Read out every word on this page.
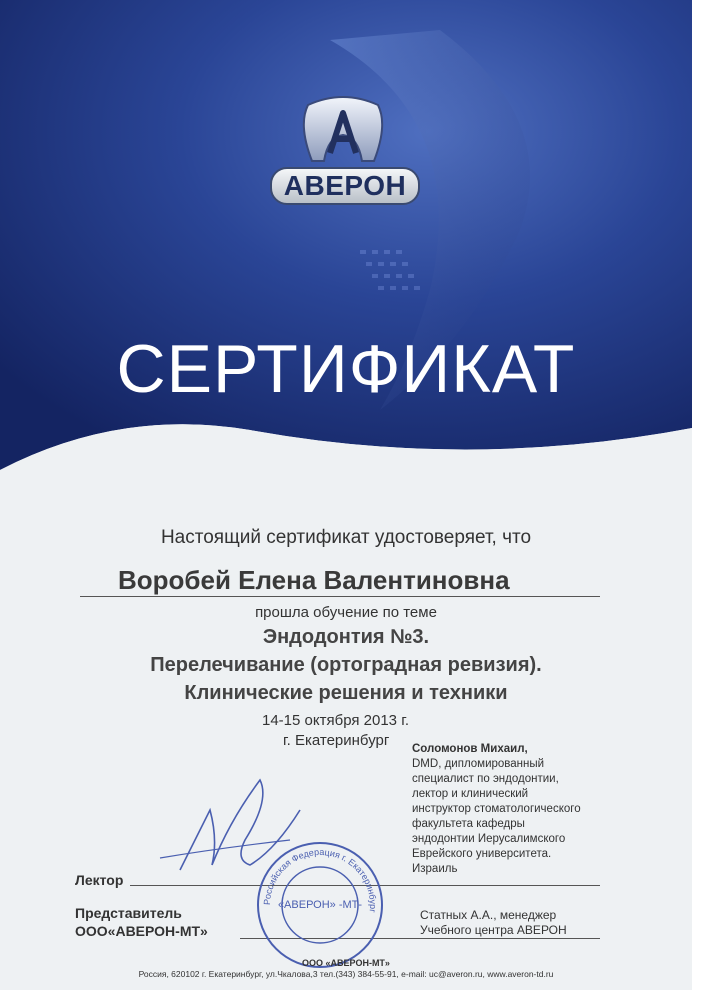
АВЕРОН
СЕРТИФИКАТ
Настоящий сертификат удостоверяет, что
Воробей Елена Валентиновна
прошла обучение по теме
Эндодонтия №3.
Перелечивание (ортоградная ревизия).
Клинические решения и техники
14-15 октября 2013 г.
г. Екатеринбург Соломонов Михаил,
DMD, дипломированный
специалист по эндодонтии,
лектор и клинический
инструктор стоматологического
факультета кафедры
эндодонтии Иерусалимского
Еврейского университета.
Израиль
Лектор
Представитель
ООО«АВЕРОН-МТ»
Статных А.А., менеджер
Учебного центра АВЕРОН
Российская Федерация г. Екатеринбург
«АВЕРОН» -МТ-
ООО «АВЕРОН-МТ»
Россия, 620102 г. Екатеринбург, ул.Чкалова,3 тел.(343) 384-55-91, e-mail: uc@averon.ru, www.averon-td.ru
